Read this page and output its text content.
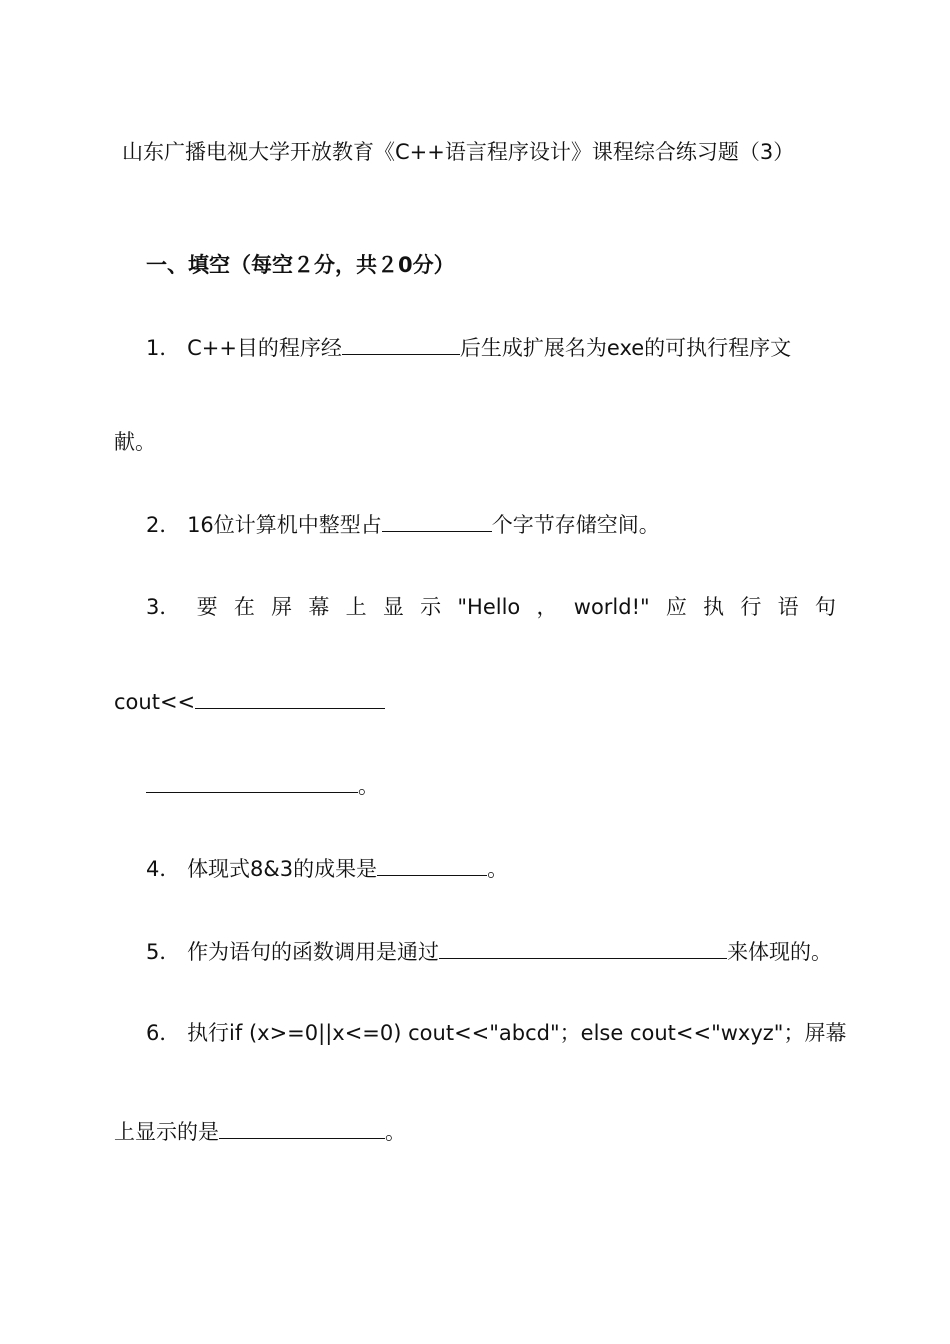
山东广播电视大学开放教育《C++语言程序设计》课程综合练习题（3）
一、填空（每空２分，共２0分）
1． C++目的程序经	后生成扩展名为exe的可执行程序文
献。
2． 16位计算机中整型占	个字节存储空间。
3． 要 在 屏 幕 上 显 示 "Hello ， world!" 应 执 行 语 句
cout<<
。
4． 体现式8&3的成果是	。
5． 作为语句的函数调用是通过	来体现的。
6． 执行if (x>=0||x<=0) cout<<"abcd"；else cout<<"wxyz"；屏幕
上显示的是	。
